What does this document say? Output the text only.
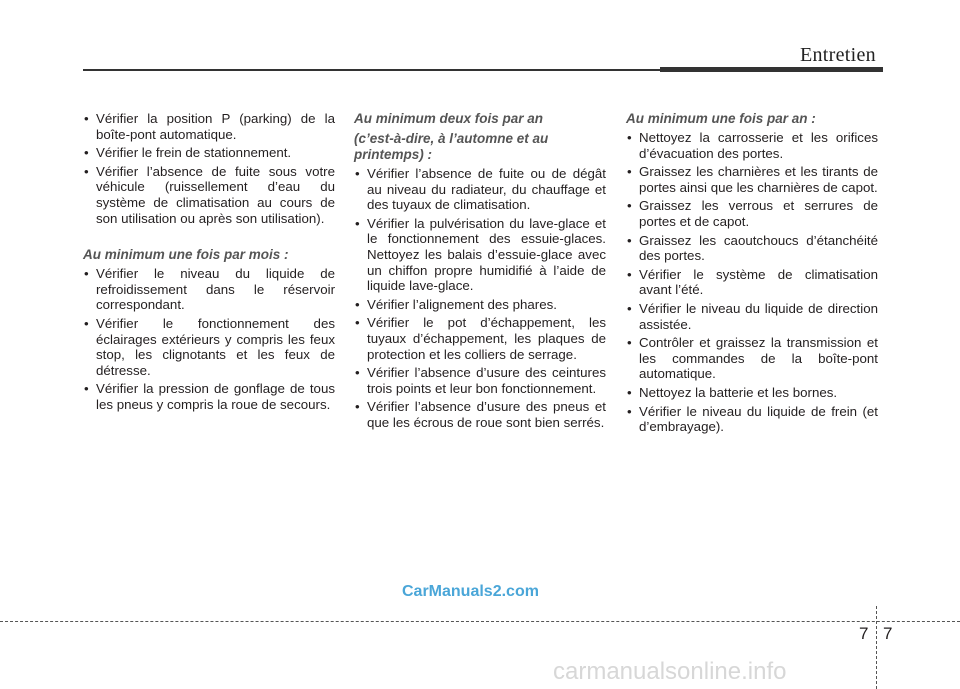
Entretien
• Vérifier la position P (parking) de la boîte-pont automatique.
• Vérifier le frein de stationnement.
• Vérifier l’absence de fuite sous votre véhicule (ruissellement d’eau du système de climatisation au cours de son utilisation ou après son utilisation).
Au minimum une fois par mois :
• Vérifier le niveau du liquide de refroidissement dans le réservoir correspondant.
• Vérifier le fonctionnement des éclairages extérieurs y compris les feux stop, les clignotants et les feux de détresse.
• Vérifier la pression de gonflage de tous les pneus y compris la roue de secours.
Au minimum deux fois par an
(c’est-à-dire, à l’automne et au printemps) :
• Vérifier l’absence de fuite ou de dégât au niveau du radiateur, du chauffage et des tuyaux de climatisation.
• Vérifier la pulvérisation du lave-glace et le fonctionnement des essuie-glaces. Nettoyez les balais d’essuie-glace avec un chiffon propre humidifié à l’aide de liquide lave-glace.
• Vérifier l’alignement des phares.
• Vérifier le pot d’échappement, les tuyaux d’échappement, les plaques de protection et les colliers de serrage.
• Vérifier l’absence d’usure des ceintures trois points et leur bon fonctionnement.
• Vérifier l’absence d’usure des pneus et que les écrous de roue sont bien serrés.
Au minimum une fois par an :
• Nettoyez la carrosserie et les orifices d’évacuation des portes.
• Graissez les charnières et les tirants de portes ainsi que les charnières de capot.
• Graissez les verrous et serrures de portes et de capot.
• Graissez les caoutchoucs d’étanchéité des portes.
• Vérifier le système de climatisation avant l’été.
• Vérifier le niveau du liquide de direction assistée.
• Contrôler et graissez la transmission et les commandes de la boîte-pont automatique.
• Nettoyez la batterie et les bornes.
• Vérifier le niveau du liquide de frein (et d’embrayage).
CarManuals2.com
7 7
carmanualsonline.info
